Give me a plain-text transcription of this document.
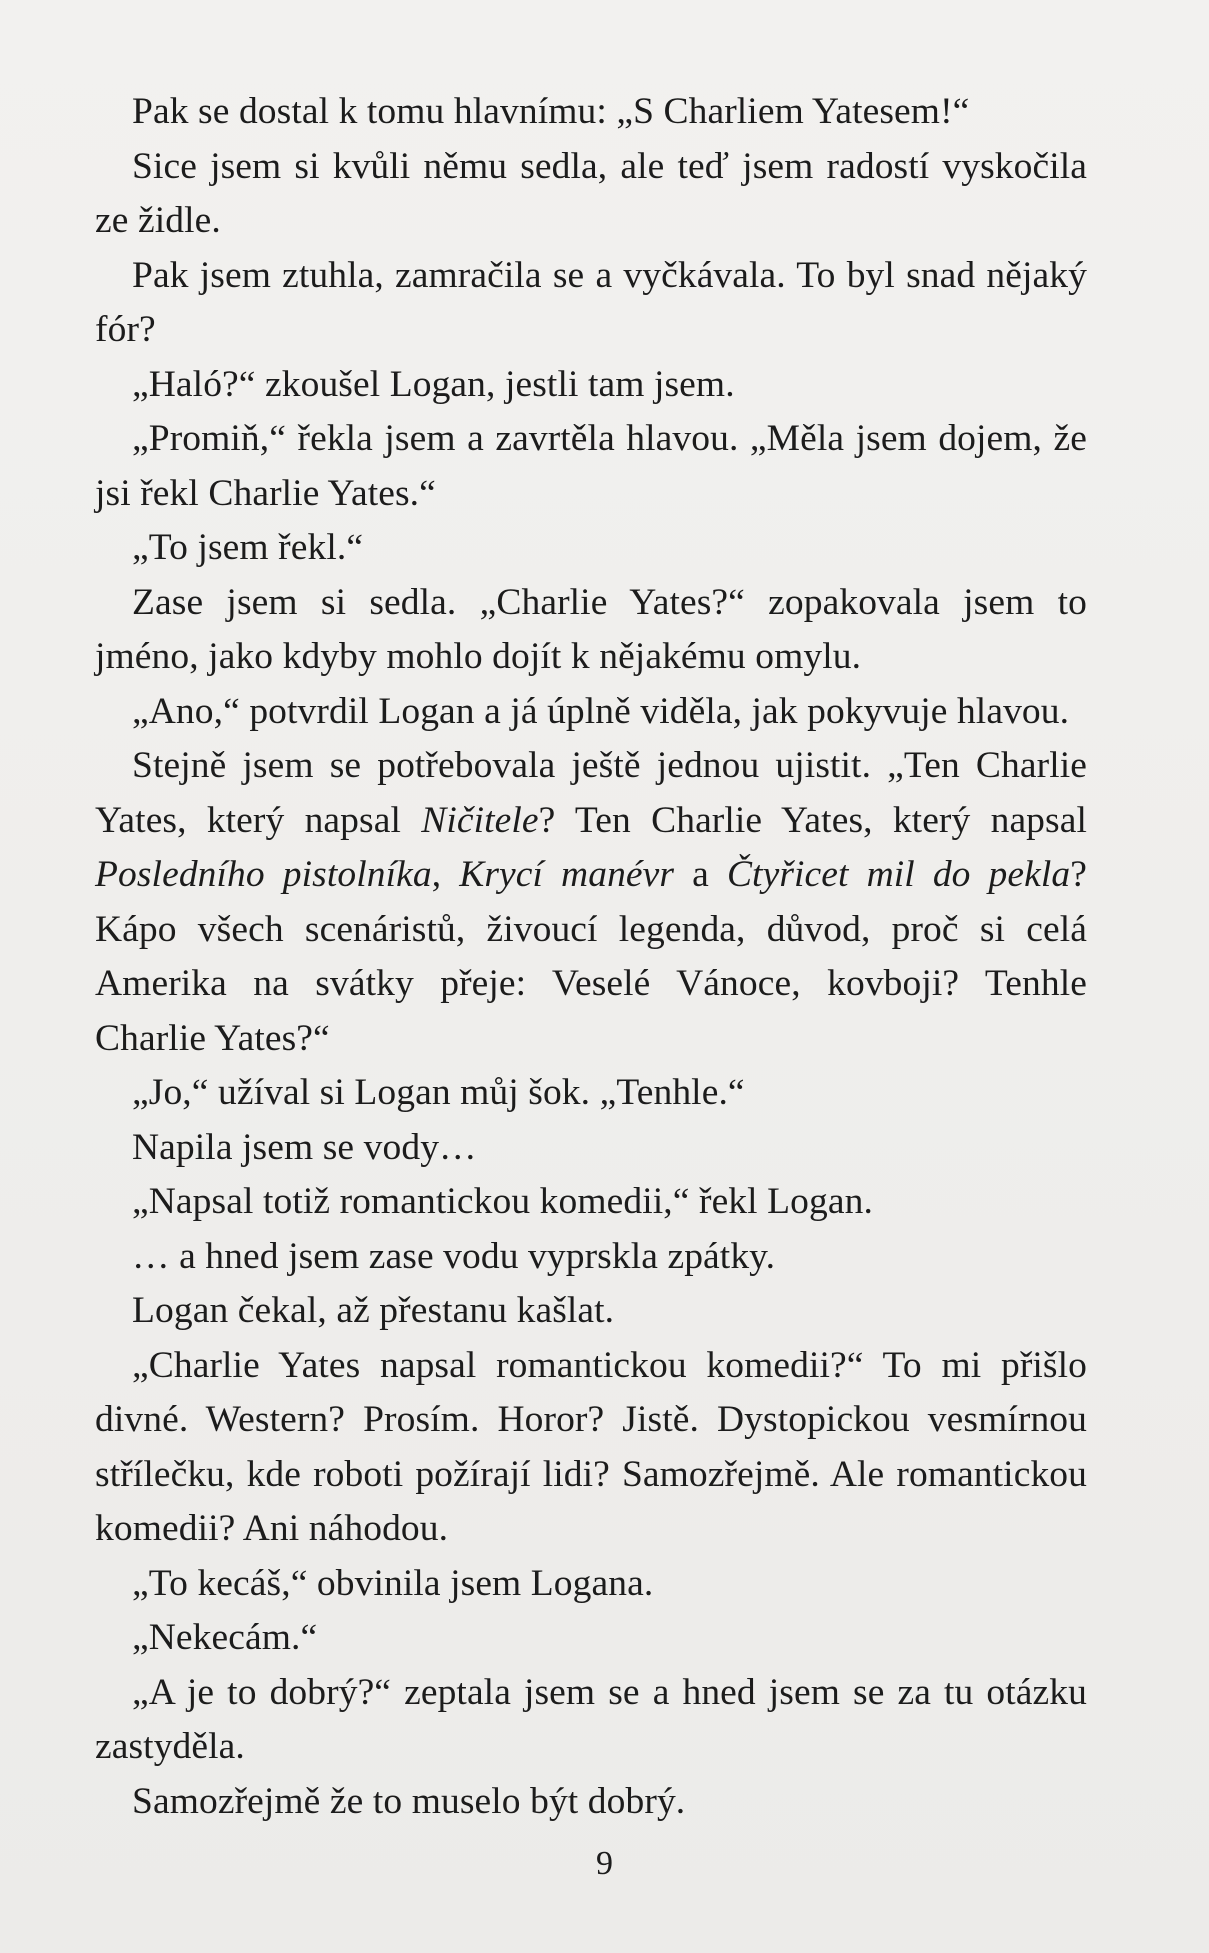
Pak se dostal k tomu hlavnímu: „S Charliem Yatesem!“

Sice jsem si kvůli němu sedla, ale teď jsem radostí vyskočila ze židle.

Pak jsem ztuhla, zamračila se a vyčkávala. To byl snad nějaký fór?

„Haló?“ zkoušel Logan, jestli tam jsem.

„Promiň,“ řekla jsem a zavrtěla hlavou. „Měla jsem dojem, že jsi řekl Charlie Yates.“

„To jsem řekl.“

Zase jsem si sedla. „Charlie Yates?“ zopakovala jsem to jméno, jako kdyby mohlo dojít k nějakému omylu.

„Ano,“ potvrdil Logan a já úplně viděla, jak pokyvuje hlavou.

Stejně jsem se potřebovala ještě jednou ujistit. „Ten Charlie Yates, který napsal Ničitele? Ten Charlie Yates, který napsal Posledního pistolníka, Krycí manévr a Čtyřicet mil do pekla? Kápo všech scenáristů, živoucí legenda, důvod, proč si celá Amerika na svátky přeje: Veselé Vánoce, kovboji? Tenhle Charlie Yates?“

„Jo,“ užíval si Logan můj šok. „Tenhle.“

Napila jsem se vody…

„Napsal totiž romantickou komedii,“ řekl Logan.

… a hned jsem zase vodu vyprskla zpátky.

Logan čekal, až přestanu kašlat.

„Charlie Yates napsal romantickou komedii?“ To mi přišlo divné. Western? Prosím. Horor? Jistě. Dystopickou vesmírnou střílečku, kde roboti požírají lidi? Samozřejmě. Ale romantickou komedii? Ani náhodou.

„To kecáš,“ obvinila jsem Logana.

„Nekecám.“

„A je to dobrý?“ zeptala jsem se a hned jsem se za tu otázku zastyděla.

Samozřejmě že to muselo být dobrý.

9
